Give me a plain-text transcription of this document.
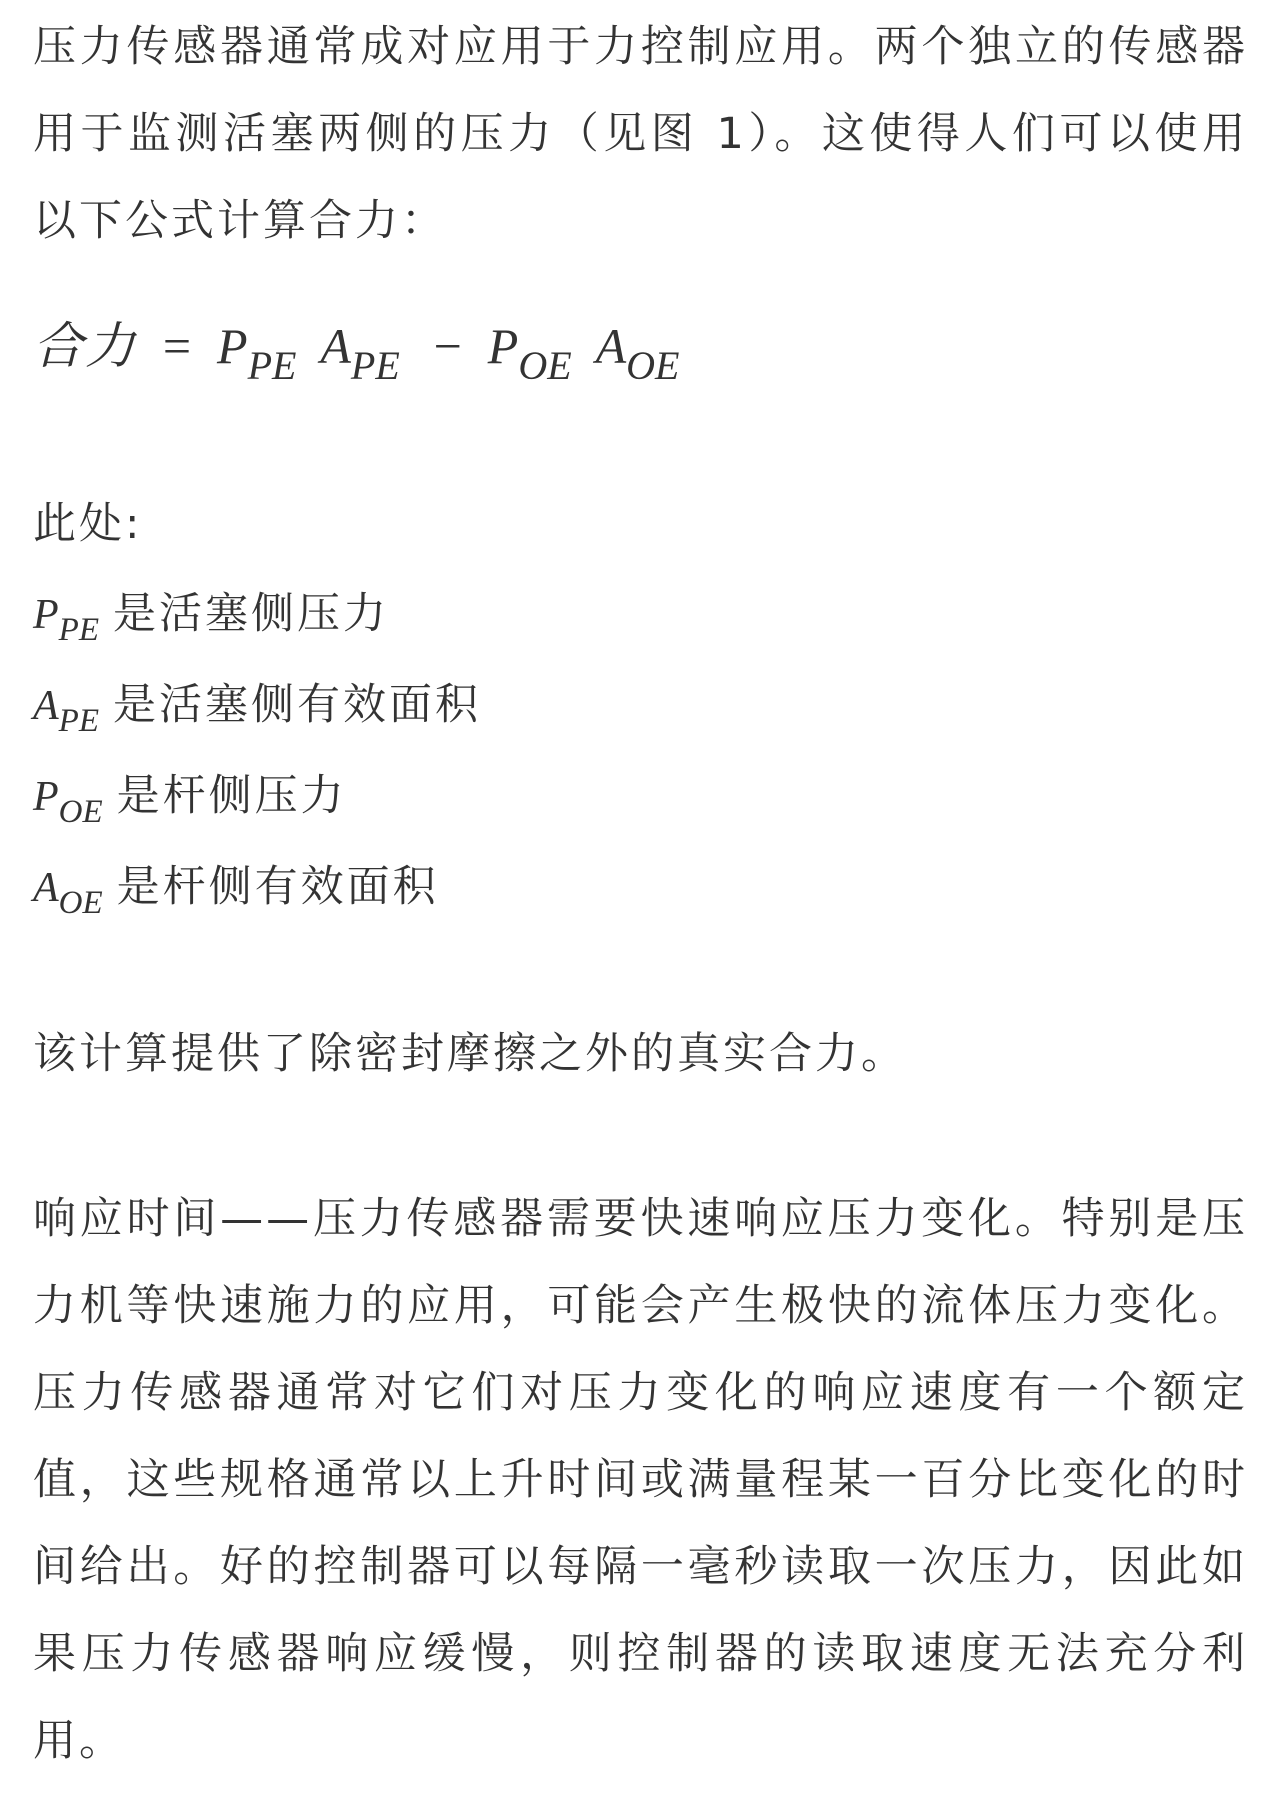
压力传感器通常成对应用于力控制应用。两个独立的传感器用于监测活塞两侧的压力（见图 1）。这使得人们可以使用以下公式计算合力：

合力 = $P_{PE}$ $A_{PE} - P_{OE}$ $A_{OE}$
此处:
$P_{PE}$ 是活塞侧压力
$A_{PE}$ 是活塞侧有效面积
$P_{OE}$ 是杆侧压力
$A_{OE}$ 是杆侧有效面积

该计算提供了除密封摩擦之外的真实合力。

响应时间——压力传感器需要快速响应压力变化。特别是压力机等快速施力的应用，可能会产生极快的流体压力变化。压力传感器通常对它们对压力变化的响应速度有一个额定值，这些规格通常以上升时间或满量程某一百分比变化的时间给出。好的控制器可以每隔一毫秒读取一次压力，因此如果压力传感器响应缓慢，则控制器的读取速度无法充分利用。
